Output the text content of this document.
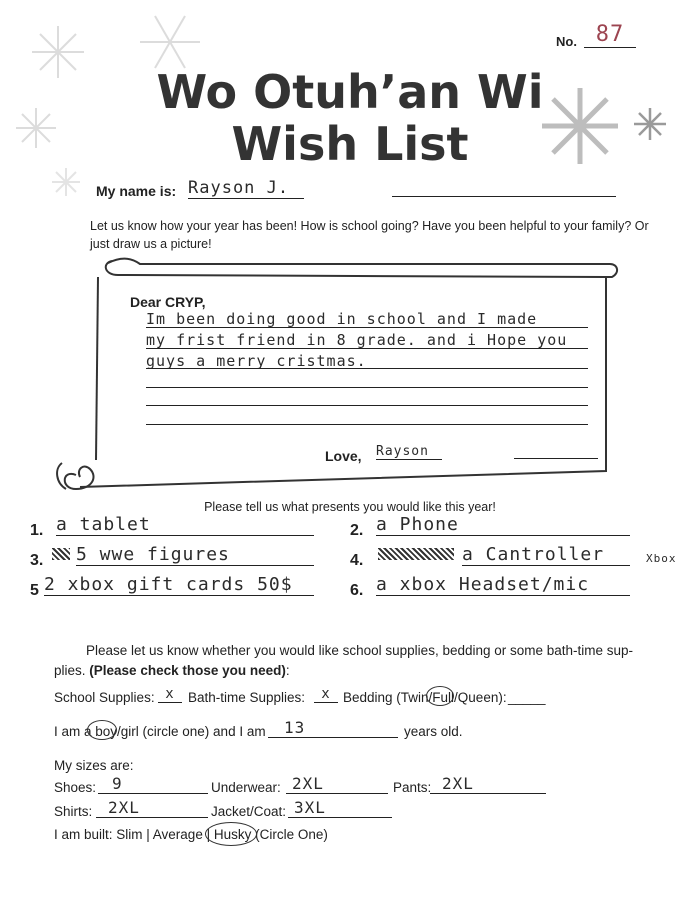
No. 87
Wo Otuh’an Wi
Wish List
My name is: Rayson J.
Let us know how your year has been! How is school going? Have you been helpful to your family? Or
just draw us a picture!
Dear CRYP,
Im been doing good in school and I made
my frist friend in 8 grade. and i Hope you
guys a merry cristmas.
Love, Rayson
Please tell us what presents you would like this year!
1. a tablet	2. a Phone
3. 5 wwe figures	4.	a Cantroller	Xbox
5 2 xbox gift cards 50$	6. a xbox Headset/mic
Please let us know whether you would like school supplies, bedding or some bath-time sup-
plies. (Please check those you need):
School Supplies: x Bath-time Supplies:	x Bedding (Twin/Full/Queen): _____
I am a boy/girl (circle one) and I am	13	years old.
My sizes are:
Shoes: 9	Underwear: 2XL	Pants: 2XL
Shirts: 2XL	Jacket/Coat: 3XL
I am built: Slim | Average | Husky (Circle One)
